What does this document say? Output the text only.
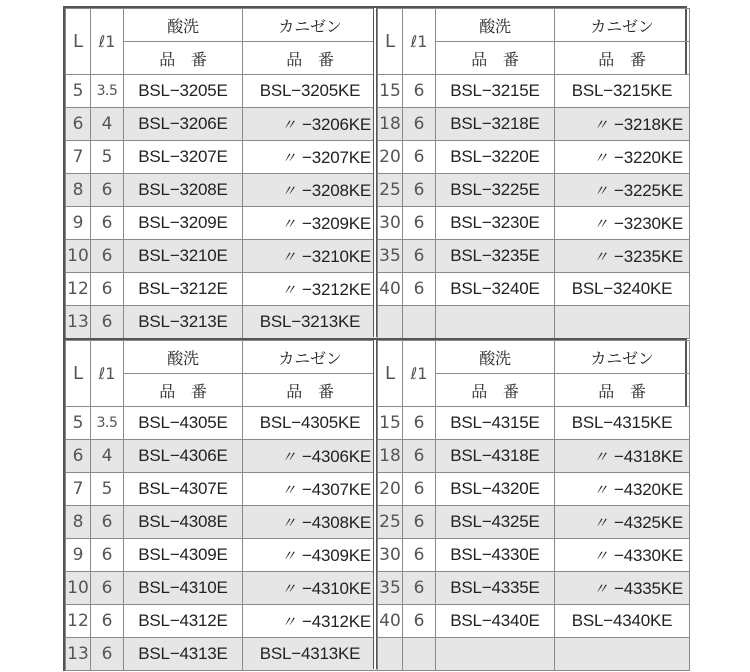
L	ℓ1	酸洗	カニゼン
		品　番	品　番
5	3.5	BSL−3205E	BSL−3205KE
6	4	BSL−3206E	〃 −3206KE
7	5	BSL−3207E	〃 −3207KE
8	6	BSL−3208E	〃 −3208KE
9	6	BSL−3209E	〃 −3209KE
10	6	BSL−3210E	〃 −3210KE
12	6	BSL−3212E	〃 −3212KE
13	6	BSL−3213E	BSL−3213KE
L	ℓ1	酸洗	カニゼン
		品　番	品　番
15	6	BSL−3215E	BSL−3215KE
18	6	BSL−3218E	〃 −3218KE
20	6	BSL−3220E	〃 −3220KE
25	6	BSL−3225E	〃 −3225KE
30	6	BSL−3230E	〃 −3230KE
35	6	BSL−3235E	〃 −3235KE
40	6	BSL−3240E	BSL−3240KE

L	ℓ1	酸洗	カニゼン
		品　番	品　番
5	3.5	BSL−4305E	BSL−4305KE
6	4	BSL−4306E	〃 −4306KE
7	5	BSL−4307E	〃 −4307KE
8	6	BSL−4308E	〃 −4308KE
9	6	BSL−4309E	〃 −4309KE
10	6	BSL−4310E	〃 −4310KE
12	6	BSL−4312E	〃 −4312KE
13	6	BSL−4313E	BSL−4313KE
L	ℓ1	酸洗	カニゼン
		品　番	品　番
15	6	BSL−4315E	BSL−4315KE
18	6	BSL−4318E	〃 −4318KE
20	6	BSL−4320E	〃 −4320KE
25	6	BSL−4325E	〃 −4325KE
30	6	BSL−4330E	〃 −4330KE
35	6	BSL−4335E	〃 −4335KE
40	6	BSL−4340E	BSL−4340KE
